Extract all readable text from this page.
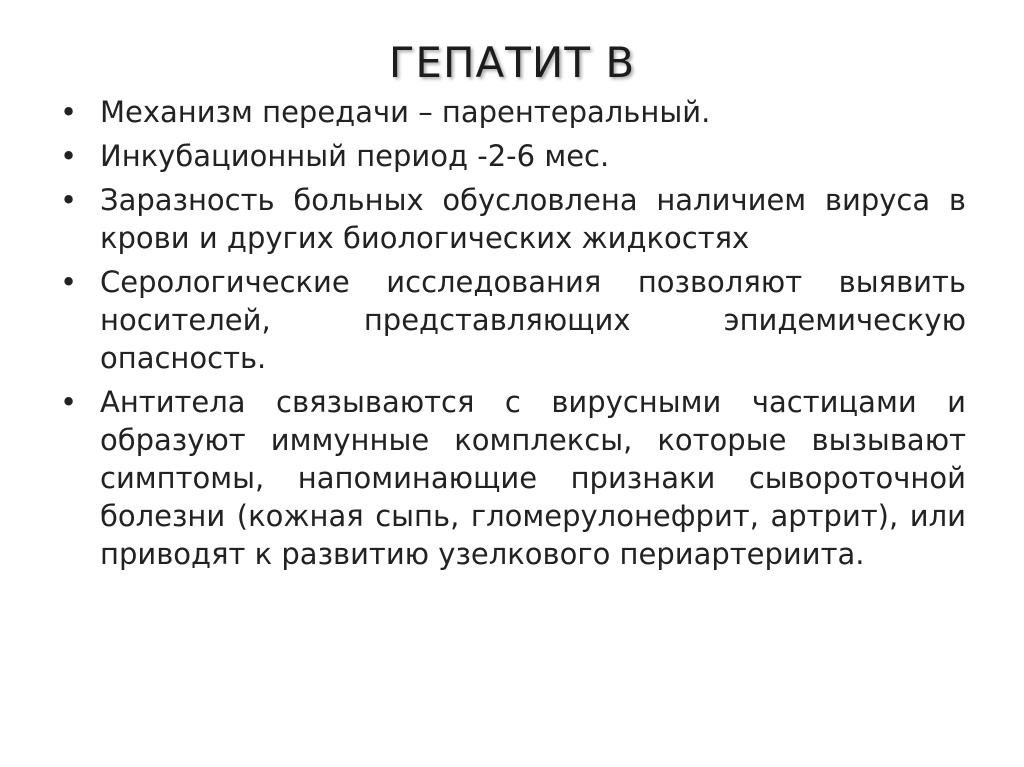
ГЕПАТИТ В
• Механизм передачи – парентеральный.
• Инкубационный период -2-6 мес.
• Заразность больных обусловлена наличием вируса в крови и других биологических жидкостях
• Серологические исследования позволяют выявить носителей, представляющих эпидемическую опасность.
• Антитела связываются с вирусными частицами и образуют иммунные комплексы, которые вызывают симптомы, напоминающие признаки сывороточной болезни (кожная сыпь, гломерулонефрит, артрит), или приводят к развитию узелкового периартериита.
